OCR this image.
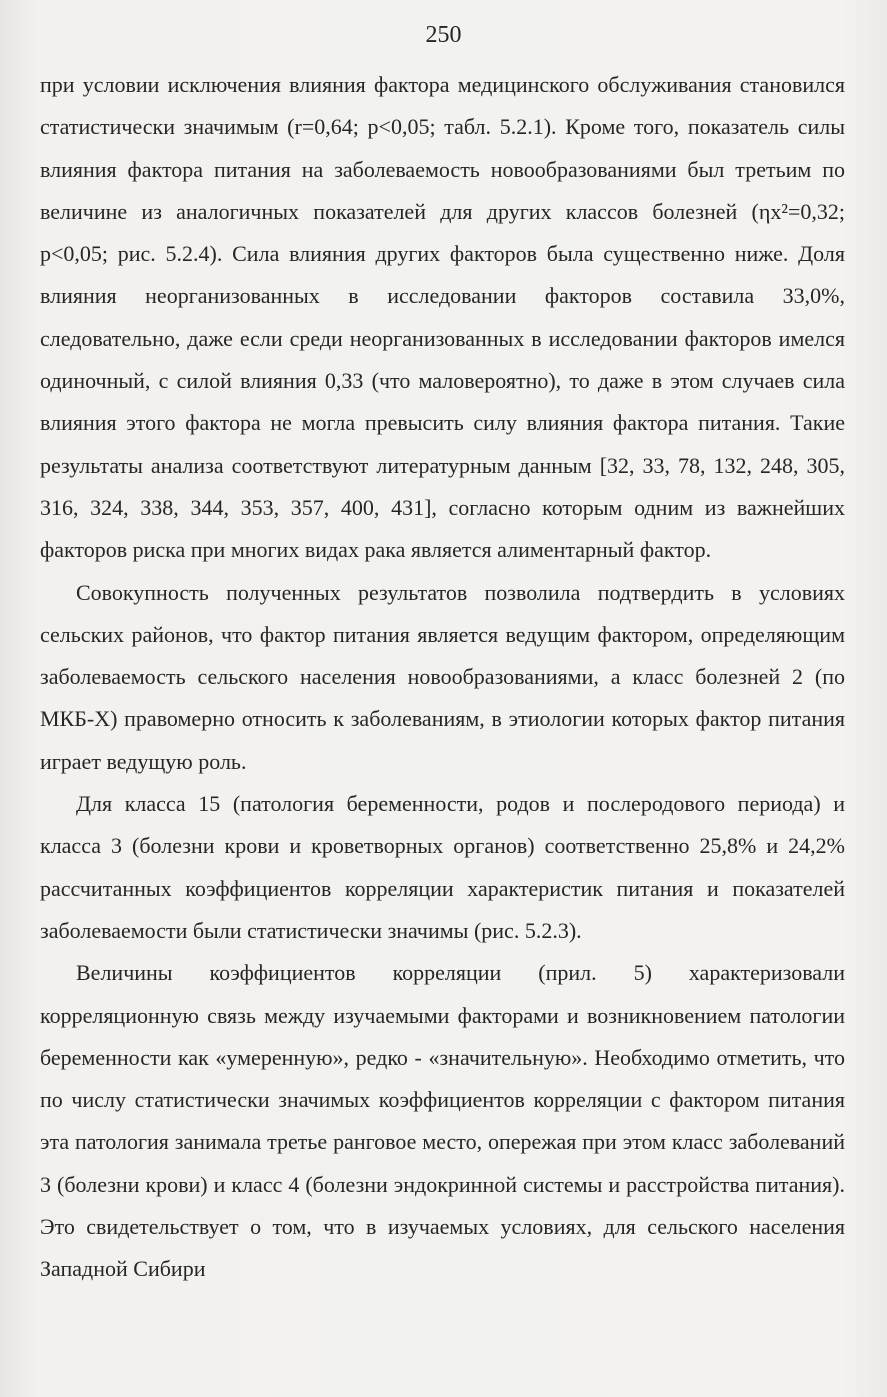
250

при условии исключения влияния фактора медицинского обслуживания становился статистически значимым (r=0,64; p<0,05; табл. 5.2.1). Кроме того, показатель силы влияния фактора питания на заболеваемость новообразованиями был третьим по величине из аналогичных показателей для других классов болезней (ηx²=0,32; p<0,05; рис. 5.2.4). Сила влияния других факторов была существенно ниже. Доля влияния неорганизованных в исследовании факторов составила 33,0%, следовательно, даже если среди неорганизованных в исследовании факторов имелся одиночный, с силой влияния 0,33 (что маловероятно), то даже в этом случаев сила влияния этого фактора не могла превысить силу влияния фактора питания. Такие результаты анализа соответствуют литературным данным [32, 33, 78, 132, 248, 305, 316, 324, 338, 344, 353, 357, 400, 431], согласно которым одним из важнейших факторов риска при многих видах рака является алиментарный фактор.

Совокупность полученных результатов позволила подтвердить в условиях сельских районов, что фактор питания является ведущим фактором, определяющим заболеваемость сельского населения новообразованиями, а класс болезней 2 (по МКБ-Х) правомерно относить к заболеваниям, в этиологии которых фактор питания играет ведущую роль.

Для класса 15 (патология беременности, родов и послеродового периода) и класса 3 (болезни крови и кроветворных органов) соответственно 25,8% и 24,2% рассчитанных коэффициентов корреляции характеристик питания и показателей заболеваемости были статистически значимы (рис. 5.2.3).

Величины коэффициентов корреляции (прил. 5) характеризовали корреляционную связь между изучаемыми факторами и возникновением патологии беременности как «умеренную», редко - «значительную». Необходимо отметить, что по числу статистически значимых коэффициентов корреляции с фактором питания эта патология занимала третье ранговое место, опережая при этом класс заболеваний 3 (болезни крови) и класс 4 (болезни эндокринной системы и расстройства питания). Это свидетельствует о том, что в изучаемых условиях, для сельского населения Западной Сибири
